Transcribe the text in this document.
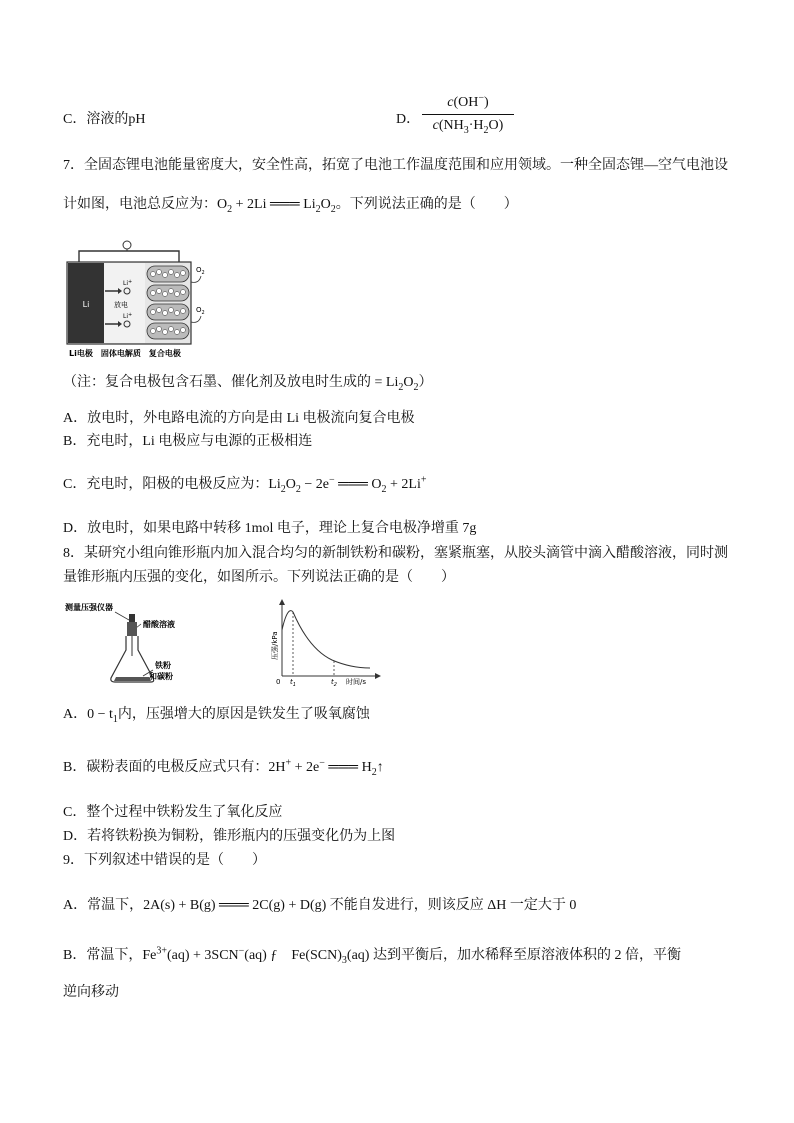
C．溶液的pH	D．
c(OH−)
$c(NH_3\cdot H_2O)$
7．全固态锂电池能量密度大，安全性高，拓宽了电池工作温度范围和应用领域。一种全固态锂—空气电池设
计如图，电池总反应为：$O_2 + 2Li$ ═══ $Li_2O_2$。下列说法正确的是（　　）
Li
Li+
Li+
放电
$O_2$
$O_2$
Li电极　固体电解质　复合电极
（注：复合电极包含石墨、催化剂及放电时生成的 = $Li_2O_2$）
A．放电时，外电路电流的方向是由 Li 电极流向复合电极
B．充电时，Li 电极应与电源的正极相连
C．充电时，阳极的电极反应为：$Li_2O_2 - 2e^-$ ═══ $O_2 + 2Li^+$
D．放电时，如果电路中转移 1mol 电子，理论上复合电极净增重 7g
8．某研究小组向锥形瓶内加入混合均匀的新制铁粉和碳粉，塞紧瓶塞，从胶头滴管中滴入醋酸溶液，同时测
量锥形瓶内压强的变化，如图所示。下列说法正确的是（　　）
测量压强仪器
醋酸溶液
铁粉
和碳粉
压强/kPa
0 $t_1$	$t_2$ 时间/s
A．$0 - t_1$内，压强增大的原因是铁发生了吸氧腐蚀
B．碳粉表面的电极反应式只有：2H+ + 2e− ═══ $H_2↑$
C．整个过程中铁粉发生了氧化反应
D．若将铁粉换为铜粉，锥形瓶内的压强变化仍为上图
9．下列叙述中错误的是（　　）
A．常温下，2A(s) + B(g) ═══ 2C(g) + D(g) 不能自发进行，则该反应 ΔH 一定大于 0
B．常温下，$Fe^{3+}(aq) + 3SCN^-(aq)$ ƒ　$Fe(SCN)_3(aq)$ 达到平衡后，加水稀释至原溶液体积的 2 倍，平衡
逆向移动
